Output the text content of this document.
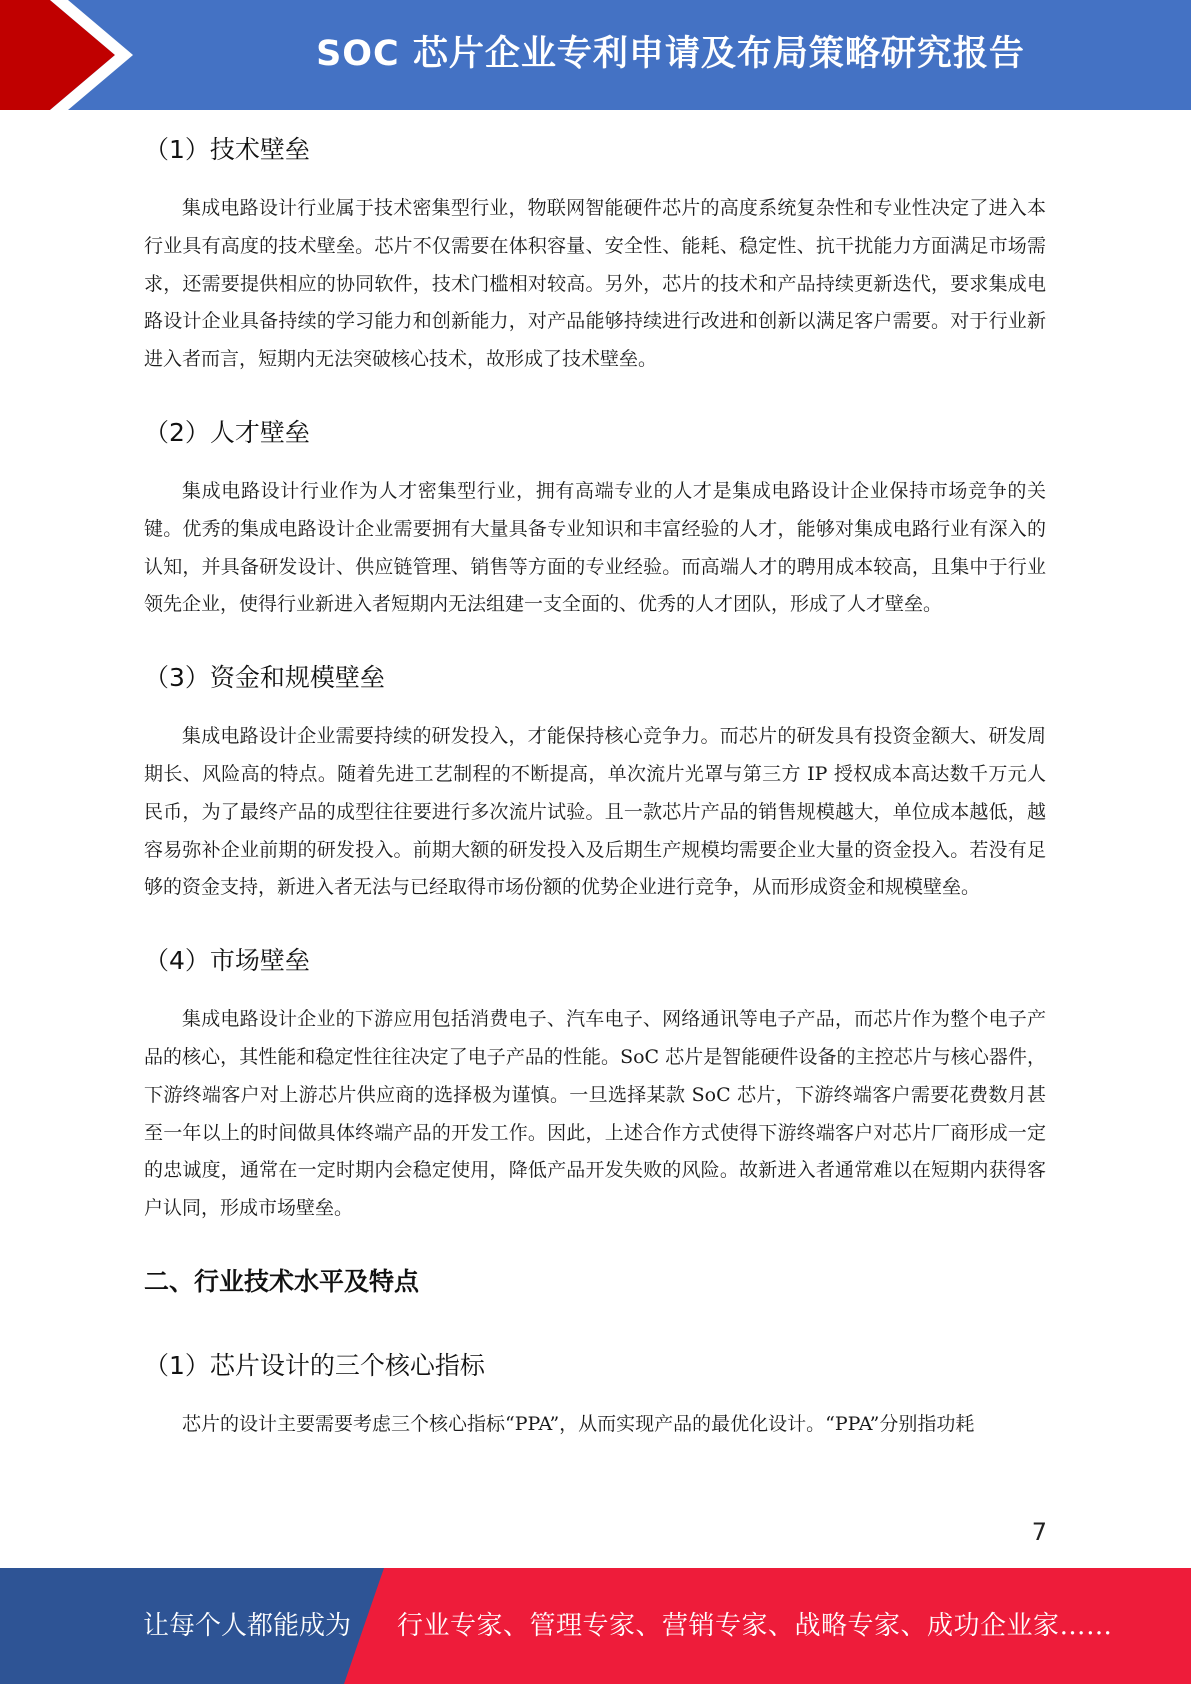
SOC 芯片企业专利申请及布局策略研究报告
（1）技术壁垒

集成电路设计行业属于技术密集型行业，物联网智能硬件芯片的高度系统复杂性和专业性决定了进入本行业具有高度的技术壁垒。芯片不仅需要在体积容量、安全性、能耗、稳定性、抗干扰能力方面满足市场需求，还需要提供相应的协同软件，技术门槛相对较高。另外，芯片的技术和产品持续更新迭代，要求集成电路设计企业具备持续的学习能力和创新能力，对产品能够持续进行改进和创新以满足客户需要。对于行业新进入者而言，短期内无法突破核心技术，故形成了技术壁垒。

（2）人才壁垒

集成电路设计行业作为人才密集型行业，拥有高端专业的人才是集成电路设计企业保持市场竞争的关键。优秀的集成电路设计企业需要拥有大量具备专业知识和丰富经验的人才，能够对集成电路行业有深入的认知，并具备研发设计、供应链管理、销售等方面的专业经验。而高端人才的聘用成本较高，且集中于行业领先企业，使得行业新进入者短期内无法组建一支全面的、优秀的人才团队，形成了人才壁垒。

（3）资金和规模壁垒

集成电路设计企业需要持续的研发投入，才能保持核心竞争力。而芯片的研发具有投资金额大、研发周期长、风险高的特点。随着先进工艺制程的不断提高，单次流片光罩与第三方 IP 授权成本高达数千万元人民币，为了最终产品的成型往往要进行多次流片试验。且一款芯片产品的销售规模越大，单位成本越低，越容易弥补企业前期的研发投入。前期大额的研发投入及后期生产规模均需要企业大量的资金投入。若没有足够的资金支持，新进入者无法与已经取得市场份额的优势企业进行竞争，从而形成资金和规模壁垒。

（4）市场壁垒

集成电路设计企业的下游应用包括消费电子、汽车电子、网络通讯等电子产品，而芯片作为整个电子产品的核心，其性能和稳定性往往决定了电子产品的性能。SoC 芯片是智能硬件设备的主控芯片与核心器件，下游终端客户对上游芯片供应商的选择极为谨慎。一旦选择某款 SoC 芯片，下游终端客户需要花费数月甚至一年以上的时间做具体终端产品的开发工作。因此，上述合作方式使得下游终端客户对芯片厂商形成一定的忠诚度，通常在一定时期内会稳定使用，降低产品开发失败的风险。故新进入者通常难以在短期内获得客户认同，形成市场壁垒。

二、行业技术水平及特点
（1）芯片设计的三个核心指标

芯片的设计主要需要考虑三个核心指标“PPA”，从而实现产品的最优化设计。“PPA”分别指功耗

7
让每个人都能成为 行业专家、管理专家、营销专家、战略专家、成功企业家……
